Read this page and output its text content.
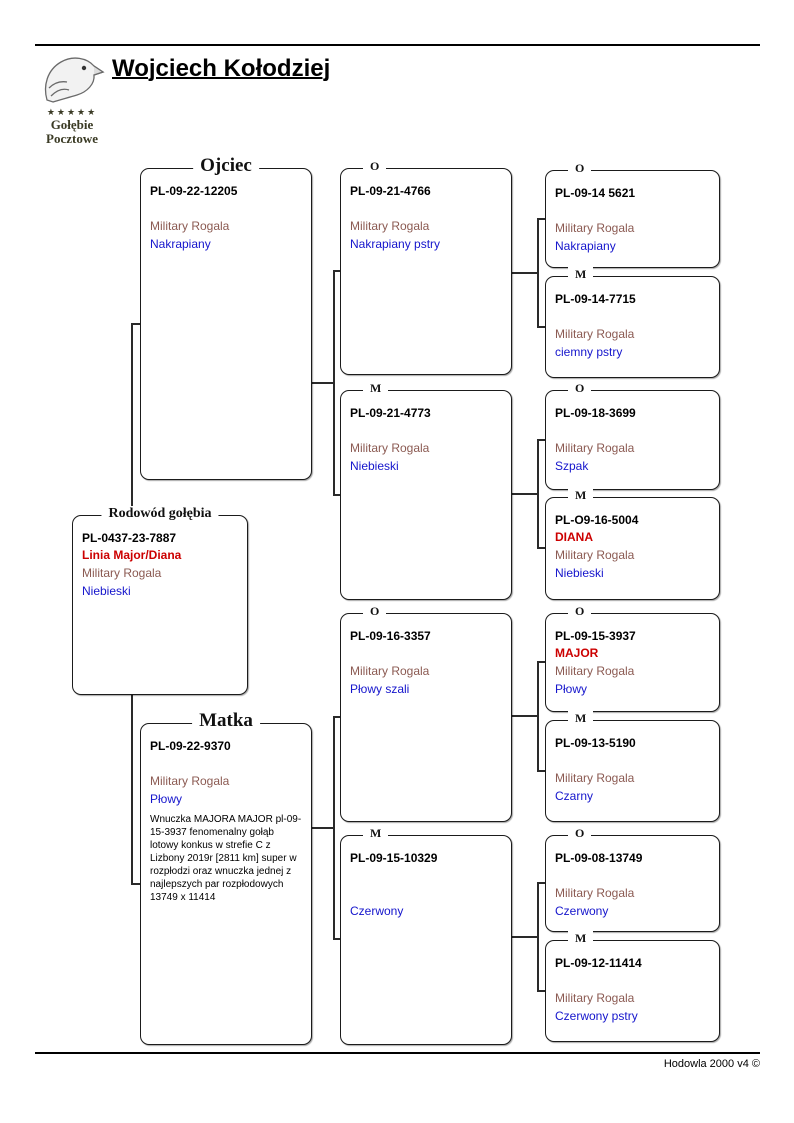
★★★★★
Gołębie
Pocztowe
Wojciech Kołodziej
Rodowód gołębia
PL-0437-23-7887
Linia Major/Diana
Military Rogala
Niebieski
Ojciec
PL-09-22-12205
Military Rogala
Nakrapiany
Matka
PL-09-22-9370
Military Rogala
Płowy
Wnuczka MAJORA MAJOR pl-09-15-3937 fenomenalny gołąb lotowy konkus w strefie C z Lizbony 2019r [2811 km] super w rozpłodzi oraz wnuczka jednej z najlepszych par rozpłodowych 13749 x 11414
O
PL-09-21-4766
Military Rogala
Nakrapiany pstry
M
PL-09-21-4773
Military Rogala
Niebieski
O
PL-09-16-3357
Military Rogala
Płowy szali
M
PL-09-15-10329
Czerwony
O
PL-09-14 5621
Military Rogala
Nakrapiany
M
PL-09-14-7715
Military Rogala
ciemny pstry
O
PL-09-18-3699
Military Rogala
Szpak
M
PL-O9-16-5004
DIANA
Military Rogala
Niebieski
O
PL-09-15-3937
MAJOR
Military Rogala
Płowy
M
PL-09-13-5190
Military Rogala
Czarny
O
PL-09-08-13749
Military Rogala
Czerwony
M
PL-09-12-11414
Military Rogala
Czerwony pstry
Hodowla 2000 v4 ©
